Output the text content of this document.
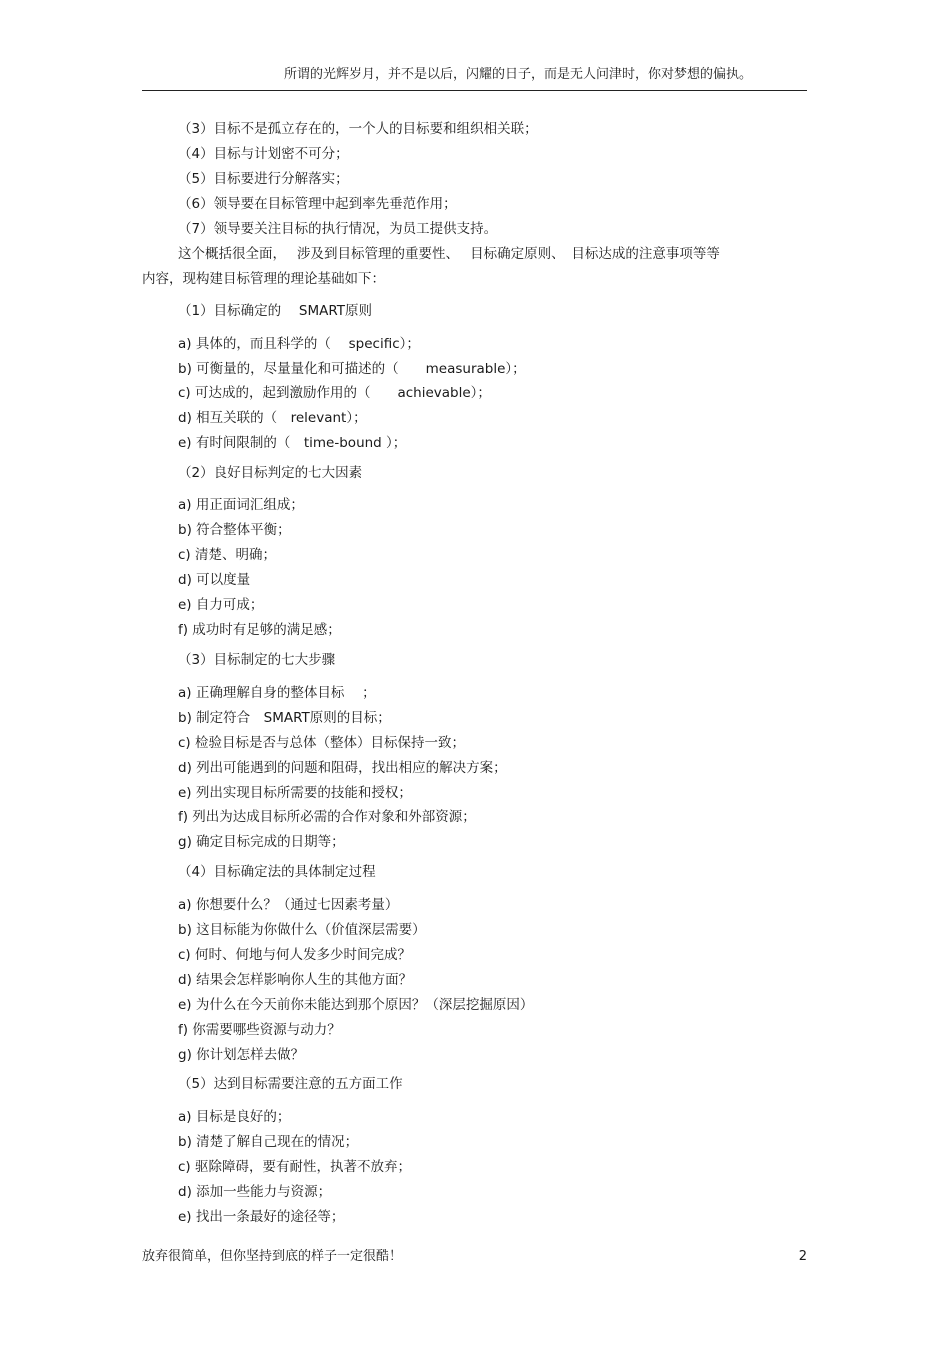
所谓的光辉岁月，并不是以后，闪耀的日子，而是无人问津时，你对梦想的偏执。
（3）目标不是孤立存在的，一个人的目标要和组织相关联；
（4）目标与计划密不可分；
（5）目标要进行分解落实；
（6）领导要在目标管理中起到率先垂范作用；
（7）领导要关注目标的执行情况，为员工提供支持。
这个概括很全面，　 涉及到目标管理的重要性、　 目标确定原则、　目标达成的注意事项等等
内容，现构建目标管理的理论基础如下：
（1）目标确定的　 SMART原则
a) 具体的，而且科学的（　 specific）；
b) 可衡量的，尽量量化和可描述的（　　measurable）；
c) 可达成的，起到激励作用的（　　achievable）；
d) 相互关联的（　relevant）；
e) 有时间限制的（　time-bound ）；
（2）良好目标判定的七大因素
a) 用正面词汇组成；
b) 符合整体平衡；
c) 清楚、明确；
d) 可以度量
e) 自力可成；
f) 成功时有足够的满足感；
（3）目标制定的七大步骤
a) 正确理解自身的整体目标　 ；
b) 制定符合　SMART原则的目标；
c) 检验目标是否与总体（整体）目标保持一致；
d) 列出可能遇到的问题和阻碍，找出相应的解决方案；
e) 列出实现目标所需要的技能和授权；
f) 列出为达成目标所必需的合作对象和外部资源；
g) 确定目标完成的日期等；
（4）目标确定法的具体制定过程
a) 你想要什么？（通过七因素考量）
b) 这目标能为你做什么（价值深层需要）
c) 何时、何地与何人发多少时间完成？
d) 结果会怎样影响你人生的其他方面？
e) 为什么在今天前你未能达到那个原因？（深层挖掘原因）
f) 你需要哪些资源与动力？
g) 你计划怎样去做？
（5）达到目标需要注意的五方面工作
a) 目标是良好的；
b) 清楚了解自己现在的情况；
c) 驱除障碍，要有耐性，执著不放弃；
d) 添加一些能力与资源；
e) 找出一条最好的途径等；
放弃很简单，但你坚持到底的样子一定很酷！	2
